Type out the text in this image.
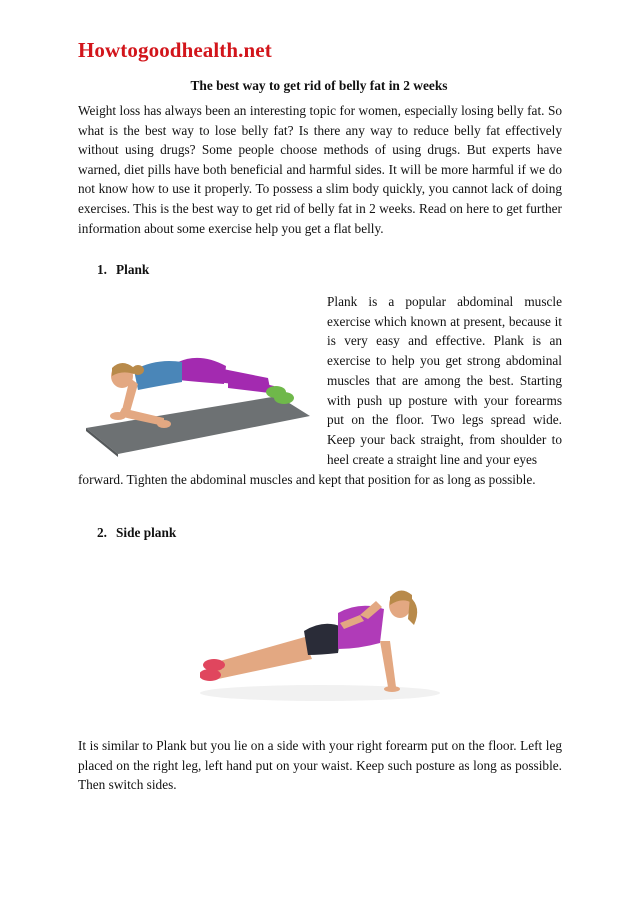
Howtogoodhealth.net
The best way to get rid of belly fat in 2 weeks
Weight loss has always been an interesting topic for women, especially losing belly fat. So what is the best way to lose belly fat? Is there any way to reduce belly fat effectively without using drugs? Some people choose methods of using drugs. But experts have warned, diet pills have both beneficial and harmful sides. It will be more harmful if we do not know how to use it properly. To possess a slim body quickly, you cannot lack of doing exercises. This is the best way to get rid of belly fat in 2 weeks. Read on here to get further information about some exercise help you get a flat belly.
1. Plank
Plank is a popular abdominal muscle exercise which known at present, because it is very easy and effective. Plank is an exercise to help you get strong abdominal muscles that are among the best. Starting with push up posture with your forearms put on the floor. Two legs spread wide. Keep your back straight, from shoulder to heel create a straight line and your eyes
forward. Tighten the abdominal muscles and kept that position for as long as possible.
2. Side plank
It is similar to Plank but you lie on a side with your right forearm put on the floor. Left leg placed on the right leg, left hand put on your waist. Keep such posture as long as possible. Then switch sides.
